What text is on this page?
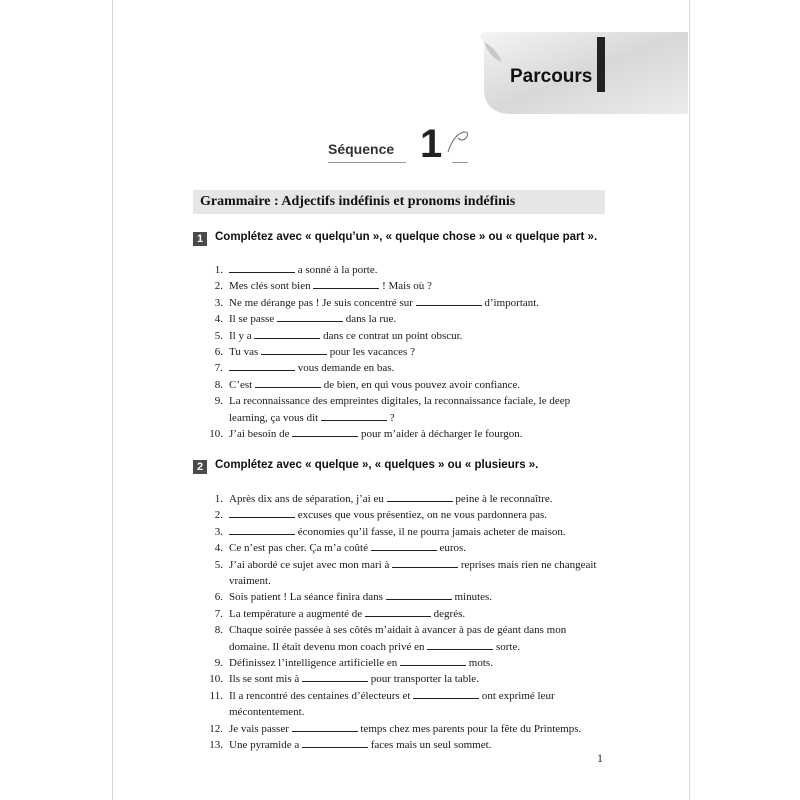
Parcours
Séquence 1
Grammaire : Adjectifs indéfinis et pronoms indéfinis
1	Complétez avec « quelqu’un », « quelque chose » ou « quelque part ».
1.	a sonné à la porte.
2. Mes clés sont bien	! Mais où ?
3. Ne me dérange pas ! Je suis concentré sur	d’important.
4. Il se passe	dans la rue.
5. Il y a	dans ce contrat un point obscur.
6. Tu vas	pour les vacances ?
7.	vous demande en bas.
8. C’est	de bien, en qui vous pouvez avoir confiance.
9. La reconnaissance des empreintes digitales, la reconnaissance faciale, le deep learning, ça vous dit	?
10. J’ai besoin de	pour m’aider à décharger le fourgon.
2	Complétez avec « quelque », « quelques » ou « plusieurs ».
1. Après dix ans de séparation, j’ai eu	peine à le reconnaître.
2.	excuses que vous présentiez, on ne vous pardonnera pas.
3.	économies qu’il fasse, il ne pourra jamais acheter de maison.
4. Ce n’est pas cher. Ça m’a coûté	euros.
5. J’ai abordé ce sujet avec mon mari à	reprises mais rien ne changeait vraiment.
6. Sois patient ! La séance finira dans	minutes.
7. La température a augmenté de	degrés.
8. Chaque soirée passée à ses côtés m’aidait à avancer à pas de géant dans mon domaine. Il était devenu mon coach privé en	sorte.
9. Définissez l’intelligence artificielle en	mots.
10. Ils se sont mis à	pour transporter la table.
11. Il a rencontré des centaines d’électeurs et	ont exprimé leur mécontentement.
12. Je vais passer	temps chez mes parents pour la fête du Printemps.
13. Une pyramide a	faces mais un seul sommet.
1
